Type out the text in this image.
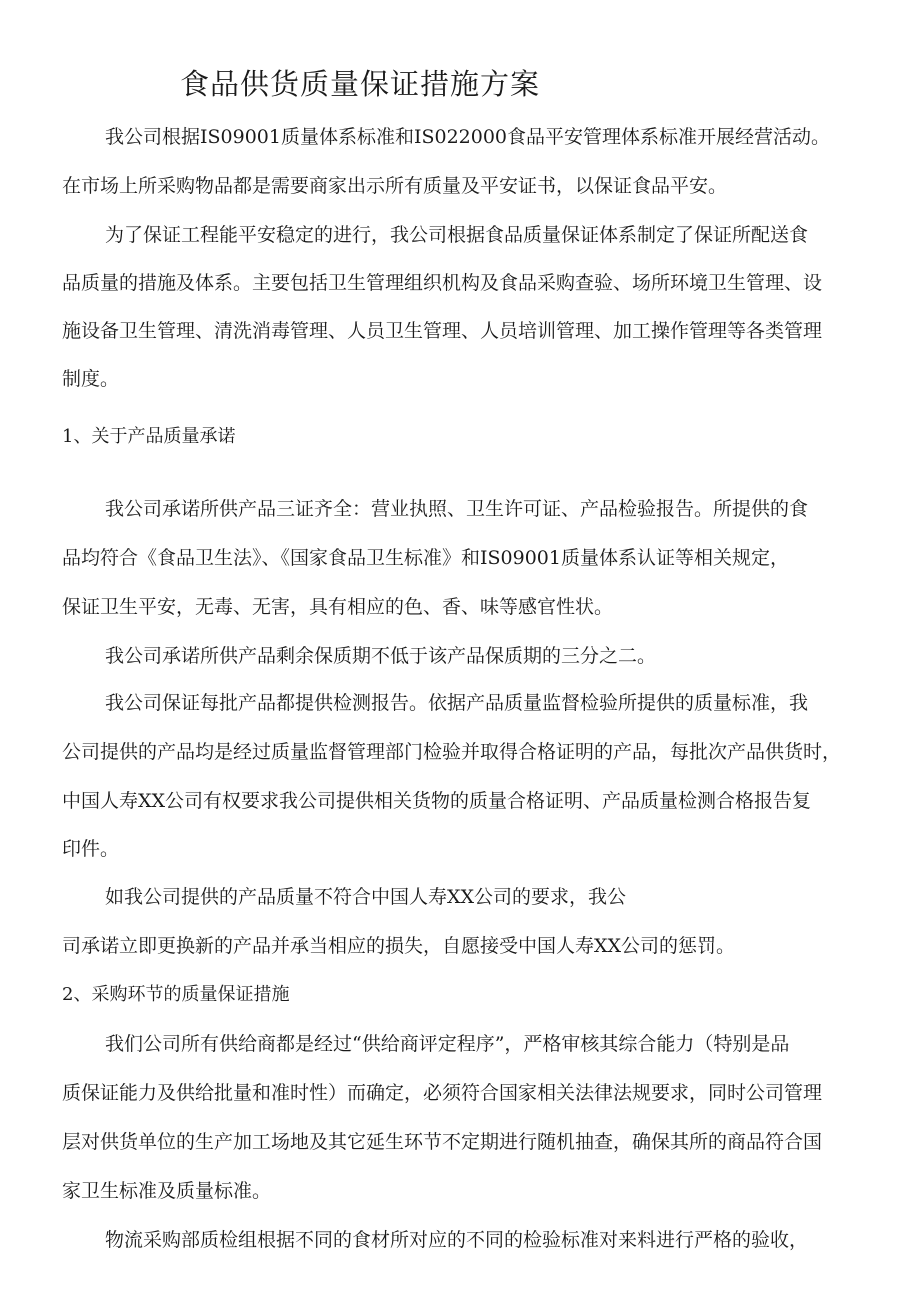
食品供货质量保证措施方案

我公司根据IS09001质量体系标准和IS022000食品平安管理体系标准开展经营活动。

在市场上所采购物品都是需要商家出示所有质量及平安证书，以保证食品平安。

为了保证工程能平安稳定的进行，我公司根据食品质量保证体系制定了保证所配送食

品质量的措施及体系。主要包括卫生管理组织机构及食品采购查验、场所环境卫生管理、设

施设备卫生管理、清洗消毒管理、人员卫生管理、人员培训管理、加工操作管理等各类管理

制度。

1、关于产品质量承诺

我公司承诺所供产品三证齐全：营业执照、卫生许可证、产品检验报告。所提供的食

品均符合《食品卫生法》、《国家食品卫生标准》和IS09001质量体系认证等相关规定，

保证卫生平安，无毒、无害，具有相应的色、香、味等感官性状。

我公司承诺所供产品剩余保质期不低于该产品保质期的三分之二。

我公司保证每批产品都提供检测报告。依据产品质量监督检验所提供的质量标准，我

公司提供的产品均是经过质量监督管理部门检验并取得合格证明的产品，每批次产品供货时，

中国人寿XX公司有权要求我公司提供相关货物的质量合格证明、产品质量检测合格报告复

印件。

如我公司提供的产品质量不符合中国人寿XX公司的要求，我公

司承诺立即更换新的产品并承当相应的损失，自愿接受中国人寿XX公司的惩罚。

2、采购环节的质量保证措施

我们公司所有供给商都是经过“供给商评定程序”，严格审核其综合能力（特别是品

质保证能力及供给批量和准时性）而确定，必须符合国家相关法律法规要求，同时公司管理

层对供货单位的生产加工场地及其它延生环节不定期进行随机抽查，确保其所的商品符合国

家卫生标准及质量标准。

物流采购部质检组根据不同的食材所对应的不同的检验标准对来料进行严格的验收，
